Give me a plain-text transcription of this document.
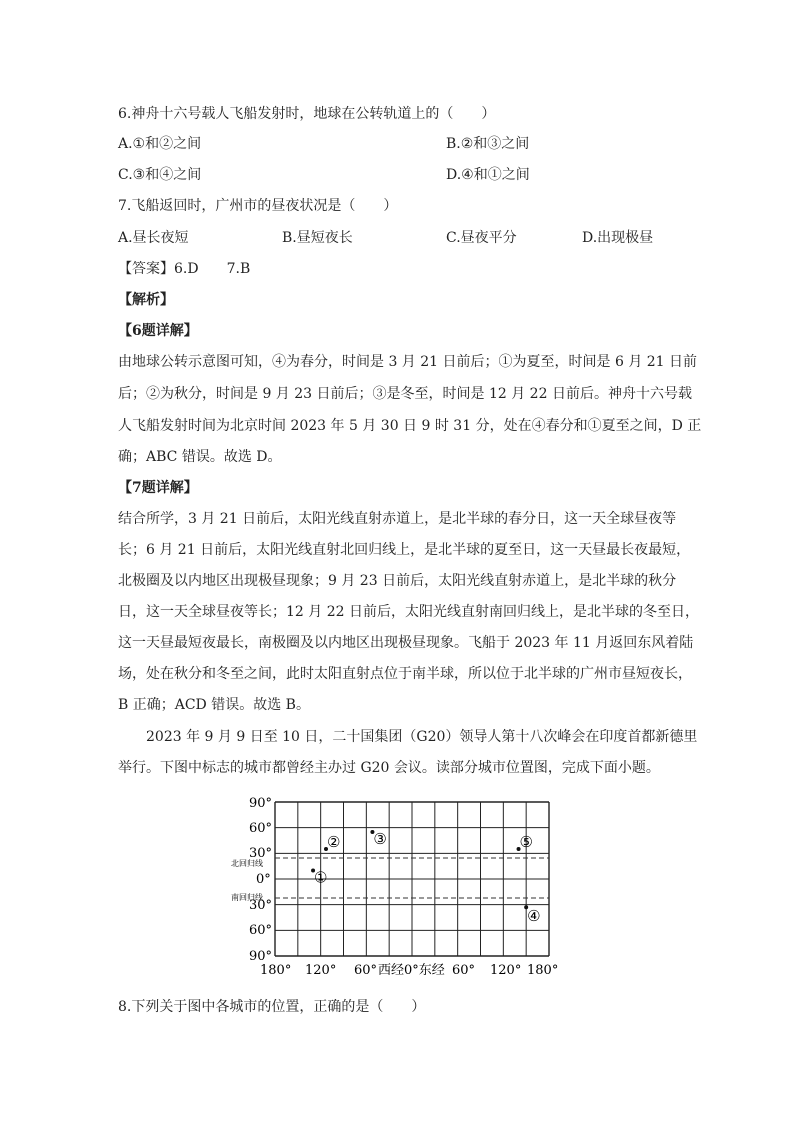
6.神舟十六号载人飞船发射时，地球在公转轨道上的（　　）
A.①和②之间	B.②和③之间
C.③和④之间	D.④和①之间
7.飞船返回时，广州市的昼夜状况是（　　）
A.昼长夜短	B.昼短夜长	C.昼夜平分	D.出现极昼
【答案】6.D　　7.B
【解析】
【6题详解】
由地球公转示意图可知，④为春分，时间是 3 月 21 日前后；①为夏至，时间是 6 月 21 日前
后；②为秋分，时间是 9 月 23 日前后；③是冬至，时间是 12 月 22 日前后。神舟十六号载
人飞船发射时间为北京时间 2023 年 5 月 30 日 9 时 31 分，处在④春分和①夏至之间，D 正
确；ABC 错误。故选 D。
【7题详解】
结合所学，3 月 21 日前后，太阳光线直射赤道上，是北半球的春分日，这一天全球昼夜等
长；6 月 21 日前后，太阳光线直射北回归线上，是北半球的夏至日，这一天昼最长夜最短，
北极圈及以内地区出现极昼现象；9 月 23 日前后，太阳光线直射赤道上，是北半球的秋分
日，这一天全球昼夜等长；12 月 22 日前后，太阳光线直射南回归线上，是北半球的冬至日，
这一天昼最短夜最长，南极圈及以内地区出现极昼现象。飞船于 2023 年 11 月返回东风着陆
场，处在秋分和冬至之间，此时太阳直射点位于南半球，所以位于北半球的广州市昼短夜长，
B 正确；ACD 错误。故选 B。
　　2023 年 9 月 9 日至 10 日，二十国集团（G20）领导人第十八次峰会在印度首都新德里
举行。下图中标志的城市都曾经主办过 G20 会议。读部分城市位置图，完成下面小题。
北回归线
南回归线
90°
60°
30°
0°
30°
60°
90°
180° 120° 60° 西经0°东经 60° 120° 180°
①
② ③
④
⑤
8.下列关于图中各城市的位置，正确的是（　　）
